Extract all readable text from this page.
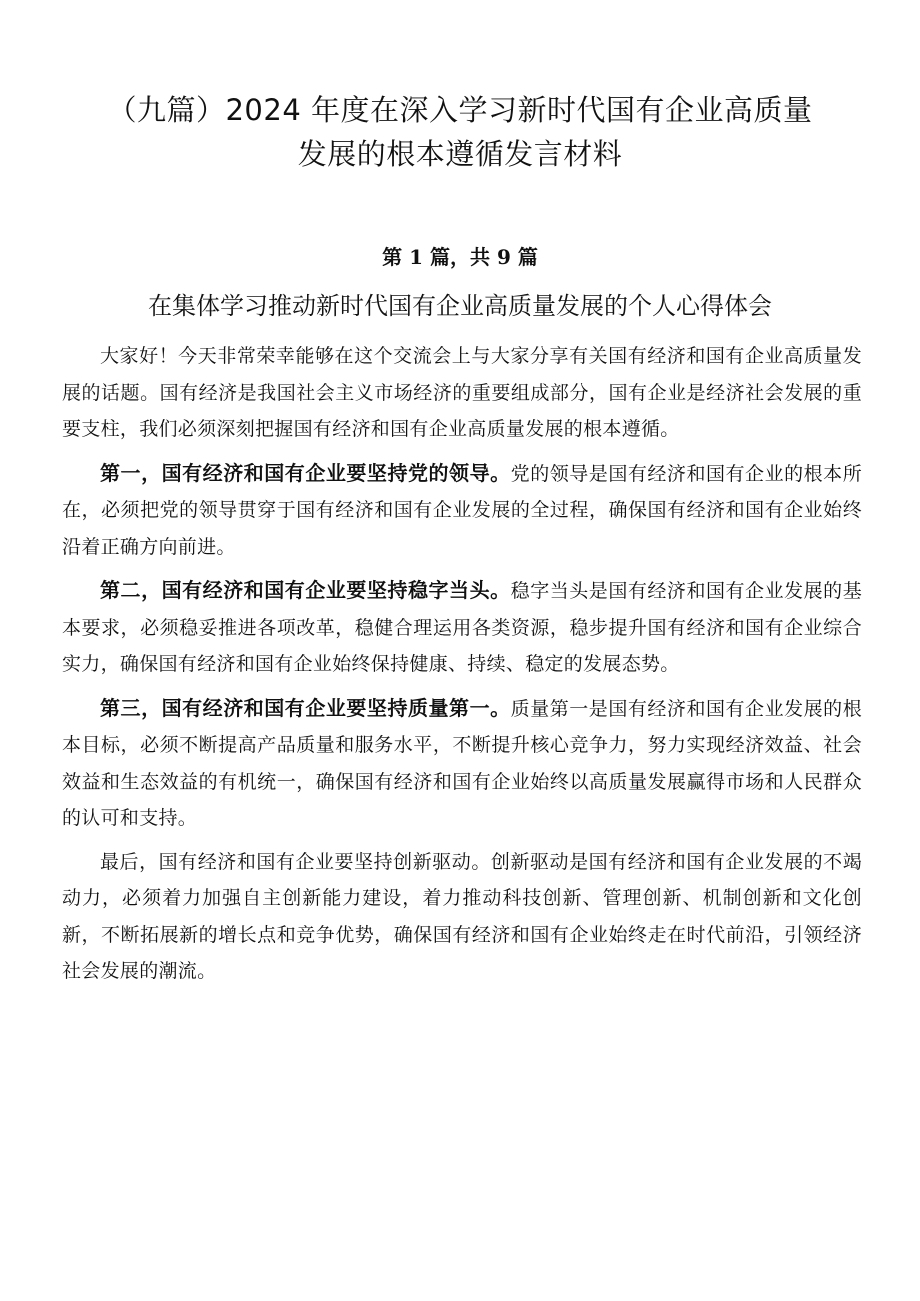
（九篇）2024 年度在深入学习新时代国有企业高质量
发展的根本遵循发言材料

第 1 篇，共 9 篇

在集体学习推动新时代国有企业高质量发展的个人心得体会

大家好！今天非常荣幸能够在这个交流会上与大家分享有关国有经济和国有企业高质量发展的话题。国有经济是我国社会主义市场经济的重要组成部分，国有企业是经济社会发展的重要支柱，我们必须深刻把握国有经济和国有企业高质量发展的根本遵循。

第一，国有经济和国有企业要坚持党的领导。党的领导是国有经济和国有企业的根本所在，必须把党的领导贯穿于国有经济和国有企业发展的全过程，确保国有经济和国有企业始终沿着正确方向前进。

第二，国有经济和国有企业要坚持稳字当头。稳字当头是国有经济和国有企业发展的基本要求，必须稳妥推进各项改革，稳健合理运用各类资源，稳步提升国有经济和国有企业综合实力，确保国有经济和国有企业始终保持健康、持续、稳定的发展态势。

第三，国有经济和国有企业要坚持质量第一。质量第一是国有经济和国有企业发展的根本目标，必须不断提高产品质量和服务水平，不断提升核心竞争力，努力实现经济效益、社会效益和生态效益的有机统一，确保国有经济和国有企业始终以高质量发展赢得市场和人民群众的认可和支持。

最后，国有经济和国有企业要坚持创新驱动。创新驱动是国有经济和国有企业发展的不竭动力，必须着力加强自主创新能力建设，着力推动科技创新、管理创新、机制创新和文化创新，不断拓展新的增长点和竞争优势，确保国有经济和国有企业始终走在时代前沿，引领经济社会发展的潮流。
